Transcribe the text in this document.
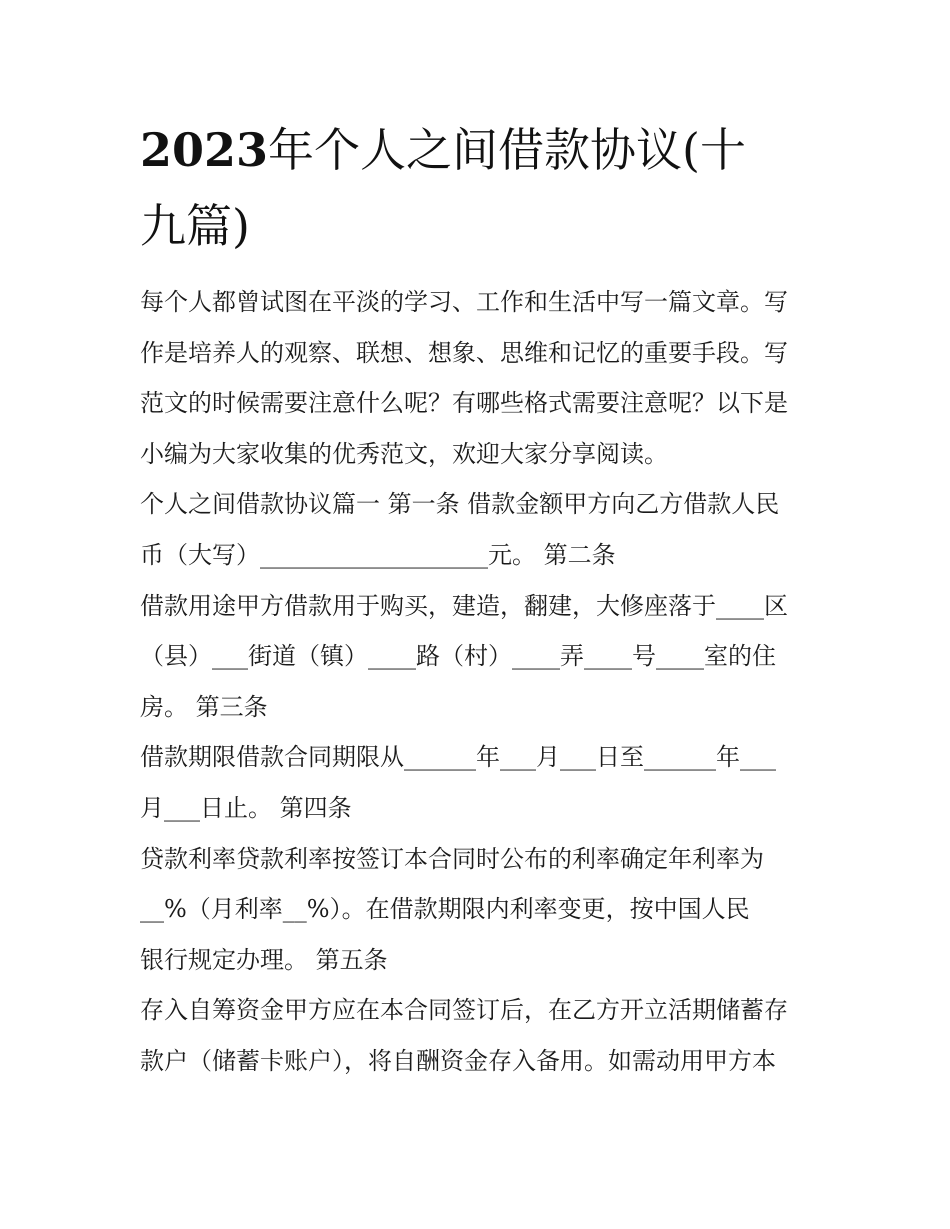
2023年个人之间借款协议(十
九篇)

每个人都曾试图在平淡的学习、工作和生活中写一篇文章。写
作是培养人的观察、联想、想象、思维和记忆的重要手段。写
范文的时候需要注意什么呢？有哪些格式需要注意呢？以下是
小编为大家收集的优秀范文，欢迎大家分享阅读。

个人之间借款协议篇一 第一条 借款金额甲方向乙方借款人民
币（大写）___________________元。 第二条

借款用途甲方借款用于购买，建造，翻建，大修座落于____区
（县）___街道（镇）____路（村）____弄____号____室的住
房。 第三条

借款期限借款合同期限从______年___月___日至______年___
月___日止。 第四条

贷款利率贷款利率按签订本合同时公布的利率确定年利率为
__%（月利率__%）。在借款期限内利率变更，按中国人民
银行规定办理。 第五条

存入自筹资金甲方应在本合同签订后，在乙方开立活期储蓄存
款户（储蓄卡账户），将自酬资金存入备用。如需动用甲方本
